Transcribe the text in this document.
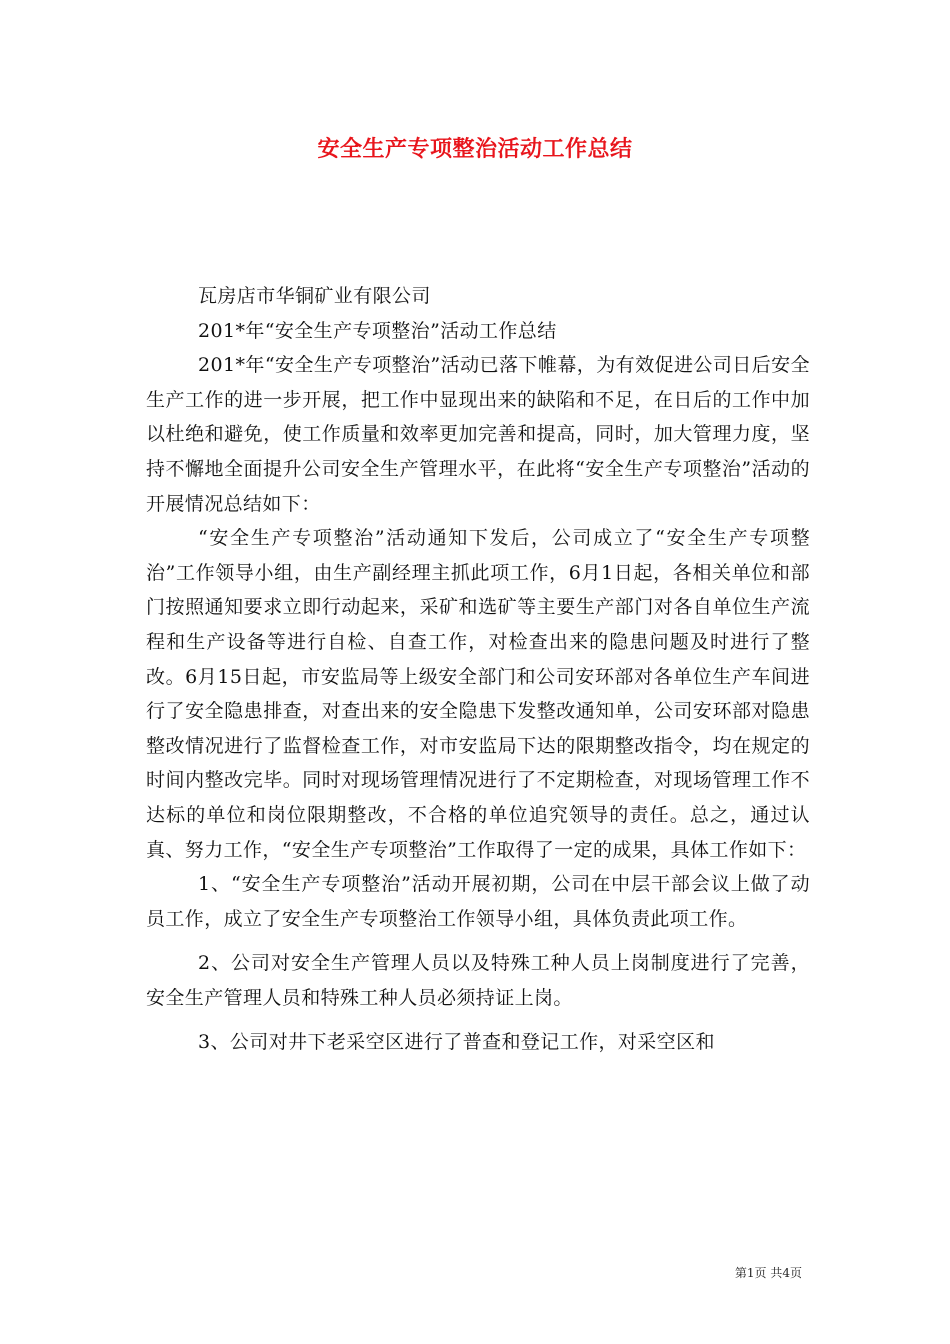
安全生产专项整治活动工作总结

瓦房店市华铜矿业有限公司

201*年“安全生产专项整治”活动工作总结

201*年“安全生产专项整治”活动已落下帷幕，为有效促进公司日后安全生产工作的进一步开展，把工作中显现出来的缺陷和不足，在日后的工作中加以杜绝和避免，使工作质量和效率更加完善和提高，同时，加大管理力度，坚持不懈地全面提升公司安全生产管理水平，在此将“安全生产专项整治”活动的开展情况总结如下：

“安全生产专项整治”活动通知下发后，公司成立了“安全生产专项整治”工作领导小组，由生产副经理主抓此项工作，6月1日起，各相关单位和部门按照通知要求立即行动起来，采矿和选矿等主要生产部门对各自单位生产流程和生产设备等进行自检、自查工作，对检查出来的隐患问题及时进行了整改。6月15日起，市安监局等上级安全部门和公司安环部对各单位生产车间进行了安全隐患排查，对查出来的安全隐患下发整改通知单，公司安环部对隐患整改情况进行了监督检查工作，对市安监局下达的限期整改指令，均在规定的时间内整改完毕。同时对现场管理情况进行了不定期检查，对现场管理工作不达标的单位和岗位限期整改，不合格的单位追究领导的责任。总之，通过认真、努力工作，“安全生产专项整治”工作取得了一定的成果，具体工作如下：

1、“安全生产专项整治”活动开展初期，公司在中层干部会议上做了动员工作，成立了安全生产专项整治工作领导小组，具体负责此项工作。

2、公司对安全生产管理人员以及特殊工种人员上岗制度进行了完善，安全生产管理人员和特殊工种人员必须持证上岗。

3、公司对井下老采空区进行了普查和登记工作，对采空区和

第1页 共4页
